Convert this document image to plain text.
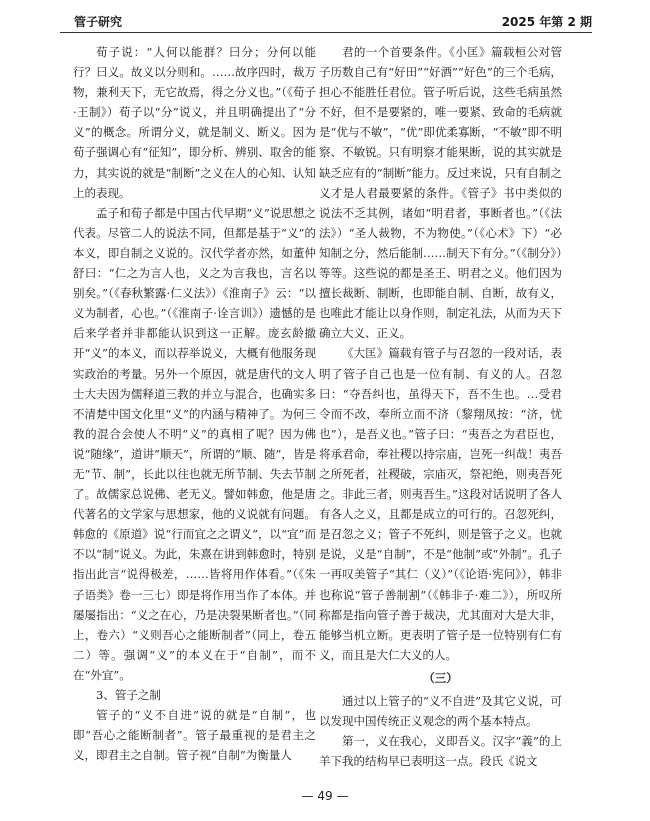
管子研究	2025 年第 2 期

荀子说：“人何以能群？曰分；分何以能行？曰义。故义以分则和。……故序四时，裁万物，兼利天下，无它故焉，得之分义也。”（《荀子·王制》）荀子以“分”说义，并且明确提出了“分义”的概念。所谓分义，就是制义、断义。因为荀子强调心有“征知”，即分析、辨别、取舍的能力，其实说的就是“制断”之义在人的心知、认知上的表现。

孟子和荀子都是中国古代早期“义”说思想之代表。尽管二人的说法不同，但都是基于“义”的本义，即自制之义说的。汉代学者亦然，如董仲舒曰：“仁之为言人也，义之为言我也，言名以别矣。”（《春秋繁露·仁义法》）《淮南子》云：“以义为制者，心也。”（《淮南子·诠言训》）遗憾的是后来学者并非都能认识到这一正解。庞玄龄撤开“义”的本义，而以荐举说义，大概有他服务现实政治的考量。另外一个原因，就是唐代的文人士大夫因为儒释道三教的并立与混合，也确实多不清楚中国文化里“义”的内涵与精神了。为何三教的混合会使人不明“义”的真相了呢？因为佛说“随缘”，道讲“顺天”，所谓的“顺、随”，皆是无“节、制”，长此以往也就无所节制、失去节制了。故儒家总说佛、老无义。譬如韩愈，他是唐代著名的文学家与思想家，他的义说就有问题。韩愈的《原道》说“行而宜之之谓义”，以“宜”而不以“制”说义。为此，朱熹在讲到韩愈时，特别指出此言“说得极差，……皆将用作体看。”（《朱子语类》卷一三七）即是将作用当作了本体。并屡屡指出：“义之在心，乃是决裂果断者也。”（同上，卷六）“义则吾心之能断制者”（同上，卷五二）等。强调“义”的本义在于“自制”，而不在“外宜”。

3、管子之制

管子的“义不自进”说的就是“自制”，也即“吾心之能断制者”。管子最重视的是君主之义，即君主之自制。管子视“自制”为衡量人

君的一个首要条件。《小匡》篇载桓公对管子历数自己有“好田”“好酒”“好色”的三个毛病，担心不能胜任君位。管子听后说，这些毛病虽然不好，但不是要紧的，唯一要紧、致命的毛病就是“优与不敏”，“优”即优柔寡断，“不敏”即不明察、不敏锐。只有明察才能果断，说的其实就是缺乏应有的“制断”能力。反过来说，只有自制之义才是人君最要紧的条件。《管子》书中类似的说法不乏其例，诸如“明君者，事断者也。”（《法法》）“圣人裁物，不为物使。”（《心术》下）“必知制之分，然后能制……制天下有分。”（《制分》）等等。这些说的都是圣王、明君之义。他们因为擅长裁断、制断，也即能自制、自断，故有义，也唯此才能让以身作则，制定礼法，从而为天下确立大义、正义。

《大匡》篇载有管子与召忽的一段对话，表明了管子自己也是一位有制、有义的人。召忽曰：“夺吾纠也，虽得天下，吾不生也。…受君令而不改，奉所立而不济（黎翔凤按：“济，忧也”），是吾义也。”管子曰：“夷吾之为君臣也，将承君命，奉社稷以持宗庙，岂死一纠哉！夷吾之所死者，社稷破，宗庙灭，祭祀绝，则夷吾死之。非此三者，则夷吾生。”这段对话说明了各人有各人之义，且都是成立的可行的。召忽死纠，是召忽之义；管子不死纠，则是管子之义。也就是说，义是“自制”，不是“他制”或“外制”。孔子一再叹美管子“其仁（义）”（《论语·宪问》），韩非也称说“管子善制割”（《韩非子·难二》），所叹所称都是指向管子善于裁决，尤其面对大是大非，能够当机立断。更表明了管子是一位特别有仁有义，而且是大仁大义的人。

（三）

通过以上管子的“义不自进”及其它义说，可以发现中国传统正义观念的两个基本特点。

第一，义在我心，义即吾义。汉字“義”的上羊下我的结构早已表明这一点。段氏《说文

— 49 —
